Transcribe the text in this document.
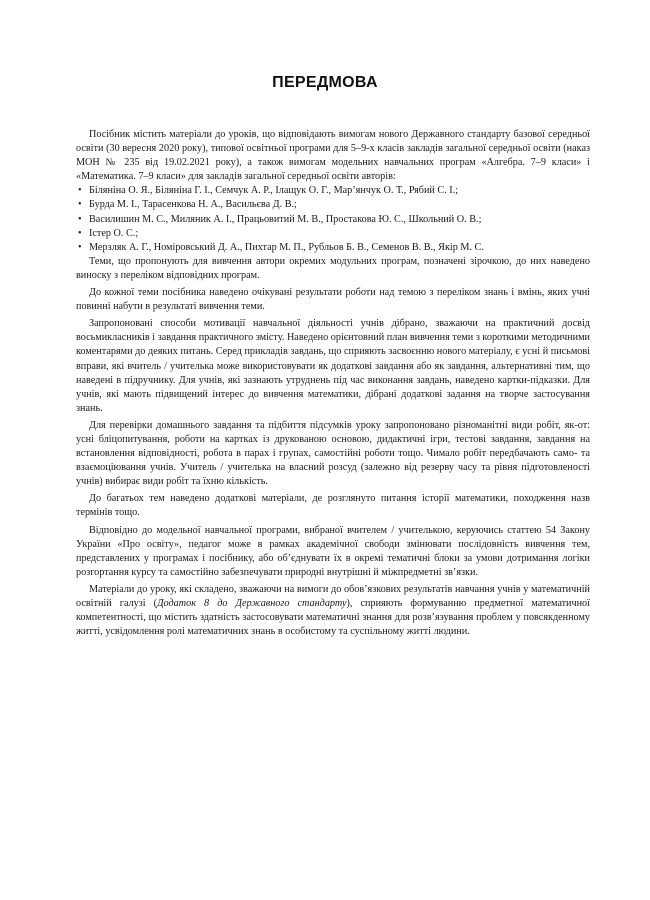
ПЕРЕДМОВА

Посібник містить матеріали до уроків, що відповідають вимогам нового Державного стандарту базової середньої освіти (30 вересня 2020 року), типової освітньої програми для 5–9-х класів закладів загальної середньої освіти (наказ МОН № 235 від 19.02.2021 року), а також вимогам модельних навчальних програм «Алгебра. 7–9 класи» і «Математика. 7–9 класи» для закладів загальної середньої освіти авторів:

• Біляніна О. Я., Біляніна Г. І., Семчук А. Р., Ілащук О. Г., Мар’янчук О. Т., Рябий С. І.;
• Бурда М. І., Тарасенкова Н. А., Васильєва Д. В.;
• Василишин М. С., Миляник А. І., Працьовитий М. В., Простакова Ю. С., Школьний О. В.;
• Істер О. С.;
• Мерзляк А. Г., Номіровський Д. А., Пихтар М. П., Рубльов Б. В., Семенов В. В., Якір М. С.

Теми, що пропонують для вивчення автори окремих модульних програм, позначені зірочкою, до них наведено виноску з переліком відповідних програм.

До кожної теми посібника наведено очікувані результати роботи над темою з переліком знань і вмінь, яких учні повинні набути в результаті вивчення теми.

Запропоновані способи мотивації навчальної діяльності учнів дібрано, зважаючи на практичний досвід восьмикласників і завдання практичного змісту. Наведено орієнтовний план вивчення теми з короткими методичними коментарями до деяких питань. Серед прикладів завдань, що сприяють засвоєнню нового матеріалу, є усні й письмові вправи, які вчитель / учителька може використовувати як додаткові завдання або як завдання, альтернативні тим, що наведені в підручнику. Для учнів, які зазнають утруднень під час виконання завдань, наведено картки-підказки. Для учнів, які мають підвищений інтерес до вивчення математики, дібрані додаткові задання на творче застосування знань.

Для перевірки домашнього завдання та підбиття підсумків уроку запропоновано різноманітні види робіт, як-от: усні бліцопитування, роботи на картках із друкованою основою, дидактичні ігри, тестові завдання, завдання на встановлення відповідності, робота в парах і групах, самостійні роботи тощо. Чимало робіт передбачають само- та взаємоціювання учнів. Учитель / учителька на власний розсуд (залежно від резерву часу та рівня підготовленості учнів) вибирає види робіт та їхню кількість.

До багатьох тем наведено додаткові матеріали, де розглянуто питання історії математики, походження назв термінів тощо.

Відповідно до модельної навчальної програми, вибраної вчителем / учителькою, керуючись статтею 54 Закону України «Про освіту», педагог може в рамках академічної свободи змінювати послідовність вивчення тем, представлених у програмах і посібнику, або об’єднувати їх в окремі тематичні блоки за умови дотримання логіки розгортання курсу та самостійно забезпечувати природні внутрішні й міжпредметні зв’язки.

Матеріали до уроку, які складено, зважаючи на вимоги до обов’язкових результатів навчання учнів у математичній освітній галузі (Додаток 8 до Державного стандарту), сприяють формуванню предметної математичної компетентності, що містить здатність застосовувати математичні знання для розв’язування проблем у повсякденному житті, усвідомлення ролі математичних знань в особистому та суспільному житті людини.
